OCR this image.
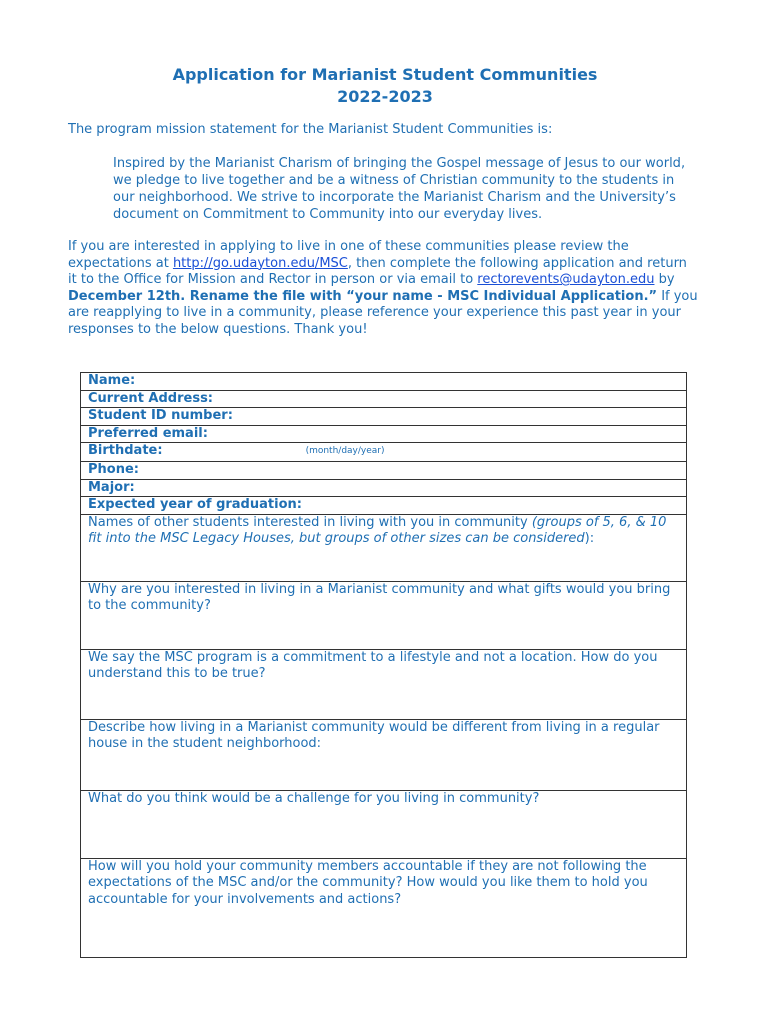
Application for Marianist Student Communities
2022-2023
The program mission statement for the Marianist Student Communities is:
Inspired by the Marianist Charism of bringing the Gospel message of Jesus to our world, we pledge to live together and be a witness of Christian community to the students in our neighborhood. We strive to incorporate the Marianist Charism and the University’s document on Commitment to Community into our everyday lives.
If you are interested in applying to live in one of these communities please review the expectations at http://go.udayton.edu/MSC, then complete the following application and return it to the Office for Mission and Rector in person or via email to rectorevents@udayton.edu by December 12th. Rename the file with “your name - MSC Individual Application.” If you are reapplying to live in a community, please reference your experience this past year in your responses to the below questions. Thank you!
Name:
Current Address:
Student ID number:
Preferred email:
Birthdate:	(month/day/year)
Phone:
Major:
Expected year of graduation:
Names of other students interested in living with you in community (groups of 5, 6, & 10 fit into the MSC Legacy Houses, but groups of other sizes can be considered):
Why are you interested in living in a Marianist community and what gifts would you bring to the community?
We say the MSC program is a commitment to a lifestyle and not a location. How do you understand this to be true?
Describe how living in a Marianist community would be different from living in a regular house in the student neighborhood:
What do you think would be a challenge for you living in community?
How will you hold your community members accountable if they are not following the expectations of the MSC and/or the community? How would you like them to hold you accountable for your involvements and actions?
